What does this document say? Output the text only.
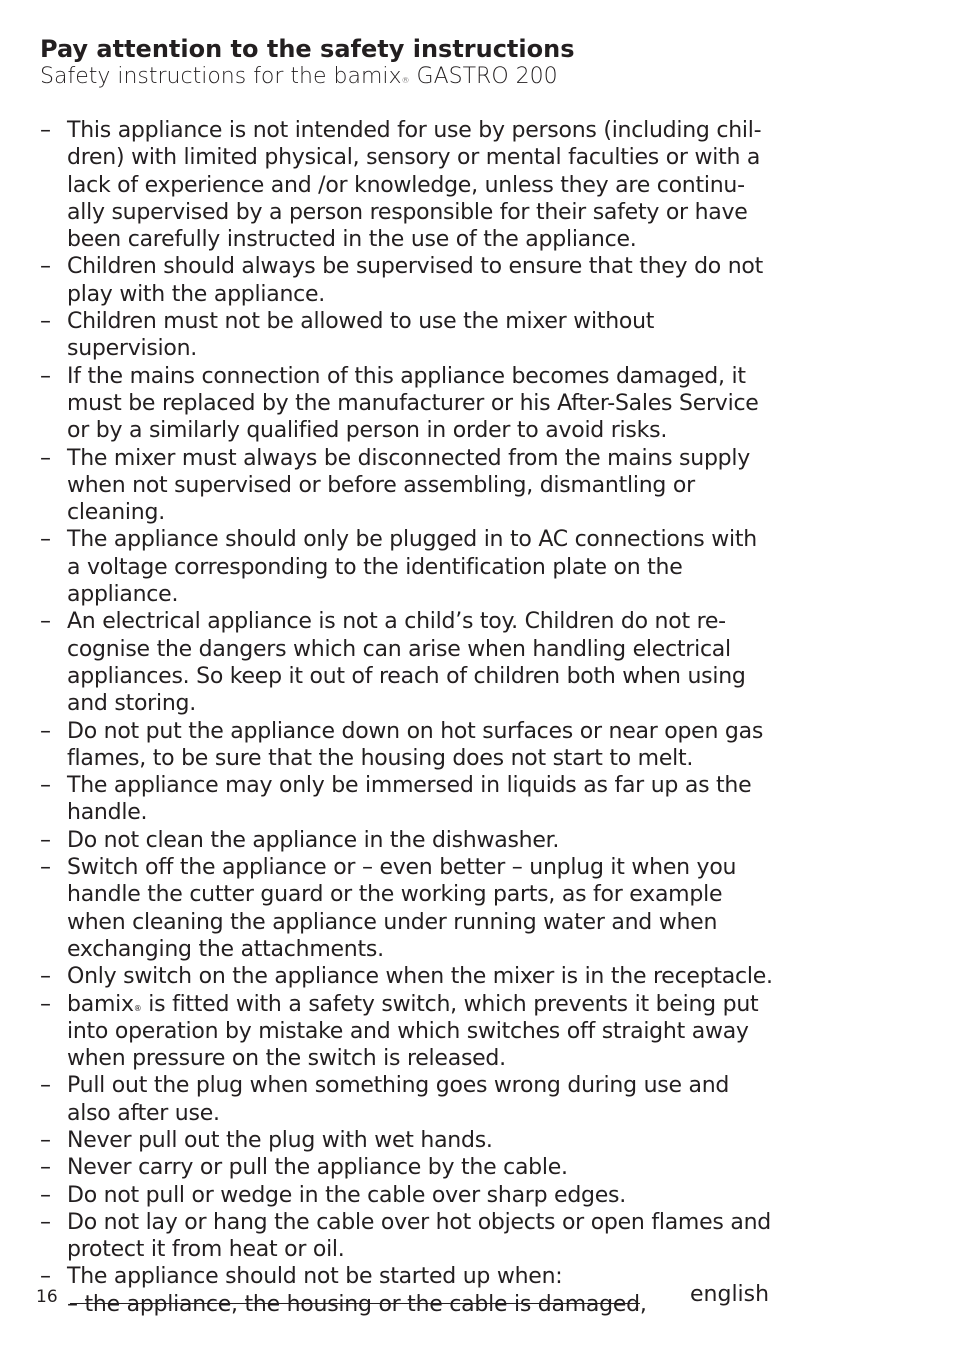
Pay attention to the safety instructions

Safety instructions for the bamix® GASTRO 200

– This appliance is not intended for use by persons (including chil-dren) with limited physical, sensory or mental faculties or with a lack of experience and /or knowledge, unless they are continu-ally supervised by a person responsible for their safety or have been carefully instructed in the use of the appliance.
– Children should always be supervised to ensure that they do not play with the appliance.
– Children must not be allowed to use the mixer without supervision.
– If the mains connection of this appliance becomes damaged, it must be replaced by the manufacturer or his After-Sales Service or by a similarly qualified person in order to avoid risks.
– The mixer must always be disconnected from the mains supply when not supervised or before assembling, dismantling or cleaning.
– The appliance should only be plugged in to AC connections with a voltage corresponding to the identification plate on the appliance.
– An electrical appliance is not a child’s toy. Children do not re-cognise the dangers which can arise when handling electrical appliances. So keep it out of reach of children both when using and storing.
– Do not put the appliance down on hot surfaces or near open gas flames, to be sure that the housing does not start to melt.
– The appliance may only be immersed in liquids as far up as the handle.
– Do not clean the appliance in the dishwasher.
– Switch off the appliance or – even better – unplug it when you handle the cutter guard or the working parts, as for example when cleaning the appliance under running water and when exchanging the attachments.
– Only switch on the appliance when the mixer is in the receptacle.
– bamix® is fitted with a safety switch, which prevents it being put into operation by mistake and which switches off straight away when pressure on the switch is released.
– Pull out the plug when something goes wrong during use and also after use.
– Never pull out the plug with wet hands.
– Never carry or pull the appliance by the cable.
– Do not pull or wedge in the cable over sharp edges.
– Do not lay or hang the cable over hot objects or open flames and protect it from heat or oil.
– The appliance should not be started up when:
– the appliance, the housing or the cable is damaged,
16	english
